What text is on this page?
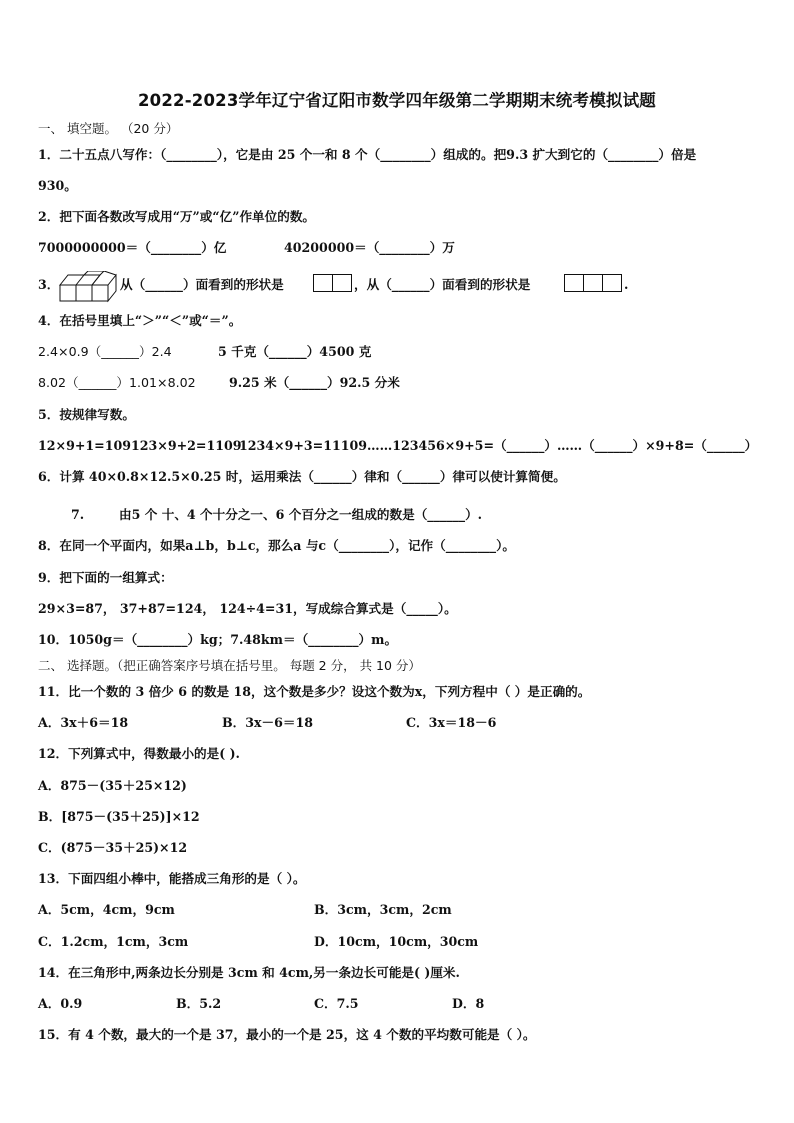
2022-2023学年辽宁省辽阳市数学四年级第二学期期末统考模拟试题
一、 填空题。 （20 分）
1．二十五点八写作：（________），它是由 25 个一和 8 个（________）组成的。把9.3 扩大到它的（________）倍是
930。
2．把下面各数改写成用“万”或“亿”作单位的数。
7000000000＝（________）亿	40200000＝（________）万
3．	从（______）面看到的形状是	，从（______）面看到的形状是	.
4．在括号里填上“＞”“＜”或“＝”。
2.4×0.9（______）2.4	5 千克（______）4500 克
8.02（______）1.01×8.02	9.25 米（______）92.5 分米
5．按规律写数。
12×9+1=109 123×9+2=1109
1234×9+3=11109……123456×9+5=（______）……（______）×9+8=（______）
6．计算 40×0.8×12.5×0.25 时，运用乘法（______）律和（______）律可以使计算简便。
7.	由5 个 十、4 个十分之一、6 个百分之一组成的数是（______）.
8．在同一个平面内，如果a⊥b，b⊥c，那么a 与c（________），记作（________）。
9．把下面的一组算式：
29×3=87， 37+87=124， 124÷4=31，写成综合算式是（_____）。
10．1050g＝（________）kg；7.48km＝（________）m。
二、 选择题。（把正确答案序号填在括号里。 每题 2 分， 共 10 分）
11．比一个数的 3 倍少 6 的数是 18，这个数是多少？设这个数为x，下列方程中（ ）是正确的。
A．3x＋6＝18	B．3x－6＝18	C．3x＝18－6
12．下列算式中，得数最小的是( ).
A．875－(35＋25×12)
B．[875－(35＋25)]×12
C．(875－35＋25)×12
13．下面四组小棒中，能搭成三角形的是（ ）。
A．5cm，4cm，9cm	B．3cm，3cm，2cm
C．1.2cm，1cm，3cm	D．10cm，10cm，30cm
14．在三角形中,两条边长分别是 3cm 和 4cm,另一条边长可能是( )厘米.
A．0.9	B．5.2	C．7.5	D．8
15．有 4 个数，最大的一个是 37，最小的一个是 25，这 4 个数的平均数可能是（ ）。
